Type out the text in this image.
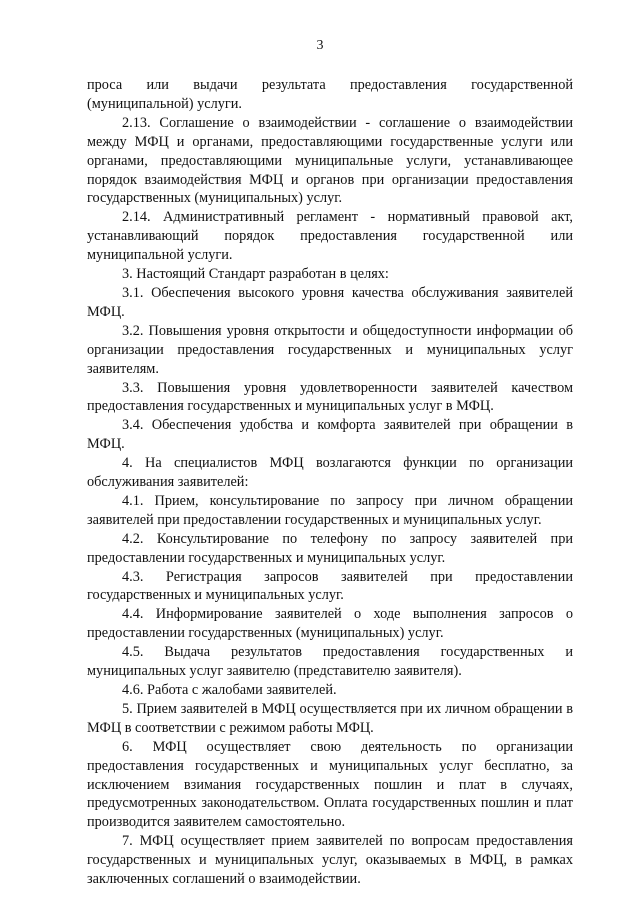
3

проса или выдачи результата предоставления государственной (муниципальной) услуги.

2.13. Соглашение о взаимодействии - соглашение о взаимодействии между МФЦ и органами, предоставляющими государственные услуги или органами, предоставляющими муниципальные услуги, устанавливающее порядок взаимодействия МФЦ и органов при организации предоставления государственных (муниципальных) услуг.

2.14. Административный регламент - нормативный правовой акт, устанавливающий порядок предоставления государственной или муниципальной услуги.

3. Настоящий Стандарт разработан в целях:

3.1. Обеспечения высокого уровня качества обслуживания заявителей МФЦ.

3.2. Повышения уровня открытости и общедоступности информации об организации предоставления государственных и муниципальных услуг заявителям.

3.3. Повышения уровня удовлетворенности заявителей качеством предоставления государственных и муниципальных услуг в МФЦ.

3.4. Обеспечения удобства и комфорта заявителей при обращении в МФЦ.

4. На специалистов МФЦ возлагаются функции по организации обслуживания заявителей:

4.1. Прием, консультирование по запросу при личном обращении заявителей при предоставлении государственных и муниципальных услуг.

4.2. Консультирование по телефону по запросу заявителей при предоставлении государственных и муниципальных услуг.

4.3. Регистрация запросов заявителей при предоставлении государственных и муниципальных услуг.

4.4. Информирование заявителей о ходе выполнения запросов о предоставлении государственных (муниципальных) услуг.

4.5. Выдача результатов предоставления государственных и муниципальных услуг заявителю (представителю заявителя).

4.6. Работа с жалобами заявителей.

5. Прием заявителей в МФЦ осуществляется при их личном обращении в МФЦ в соответствии с режимом работы МФЦ.

6. МФЦ осуществляет свою деятельность по организации предоставления государственных и муниципальных услуг бесплатно, за исключением взимания государственных пошлин и плат в случаях, предусмотренных законодательством. Оплата государственных пошлин и плат производится заявителем самостоятельно.

7. МФЦ осуществляет прием заявителей по вопросам предоставления государственных и муниципальных услуг, оказываемых в МФЦ, в рамках заключенных соглашений о взаимодействии.
